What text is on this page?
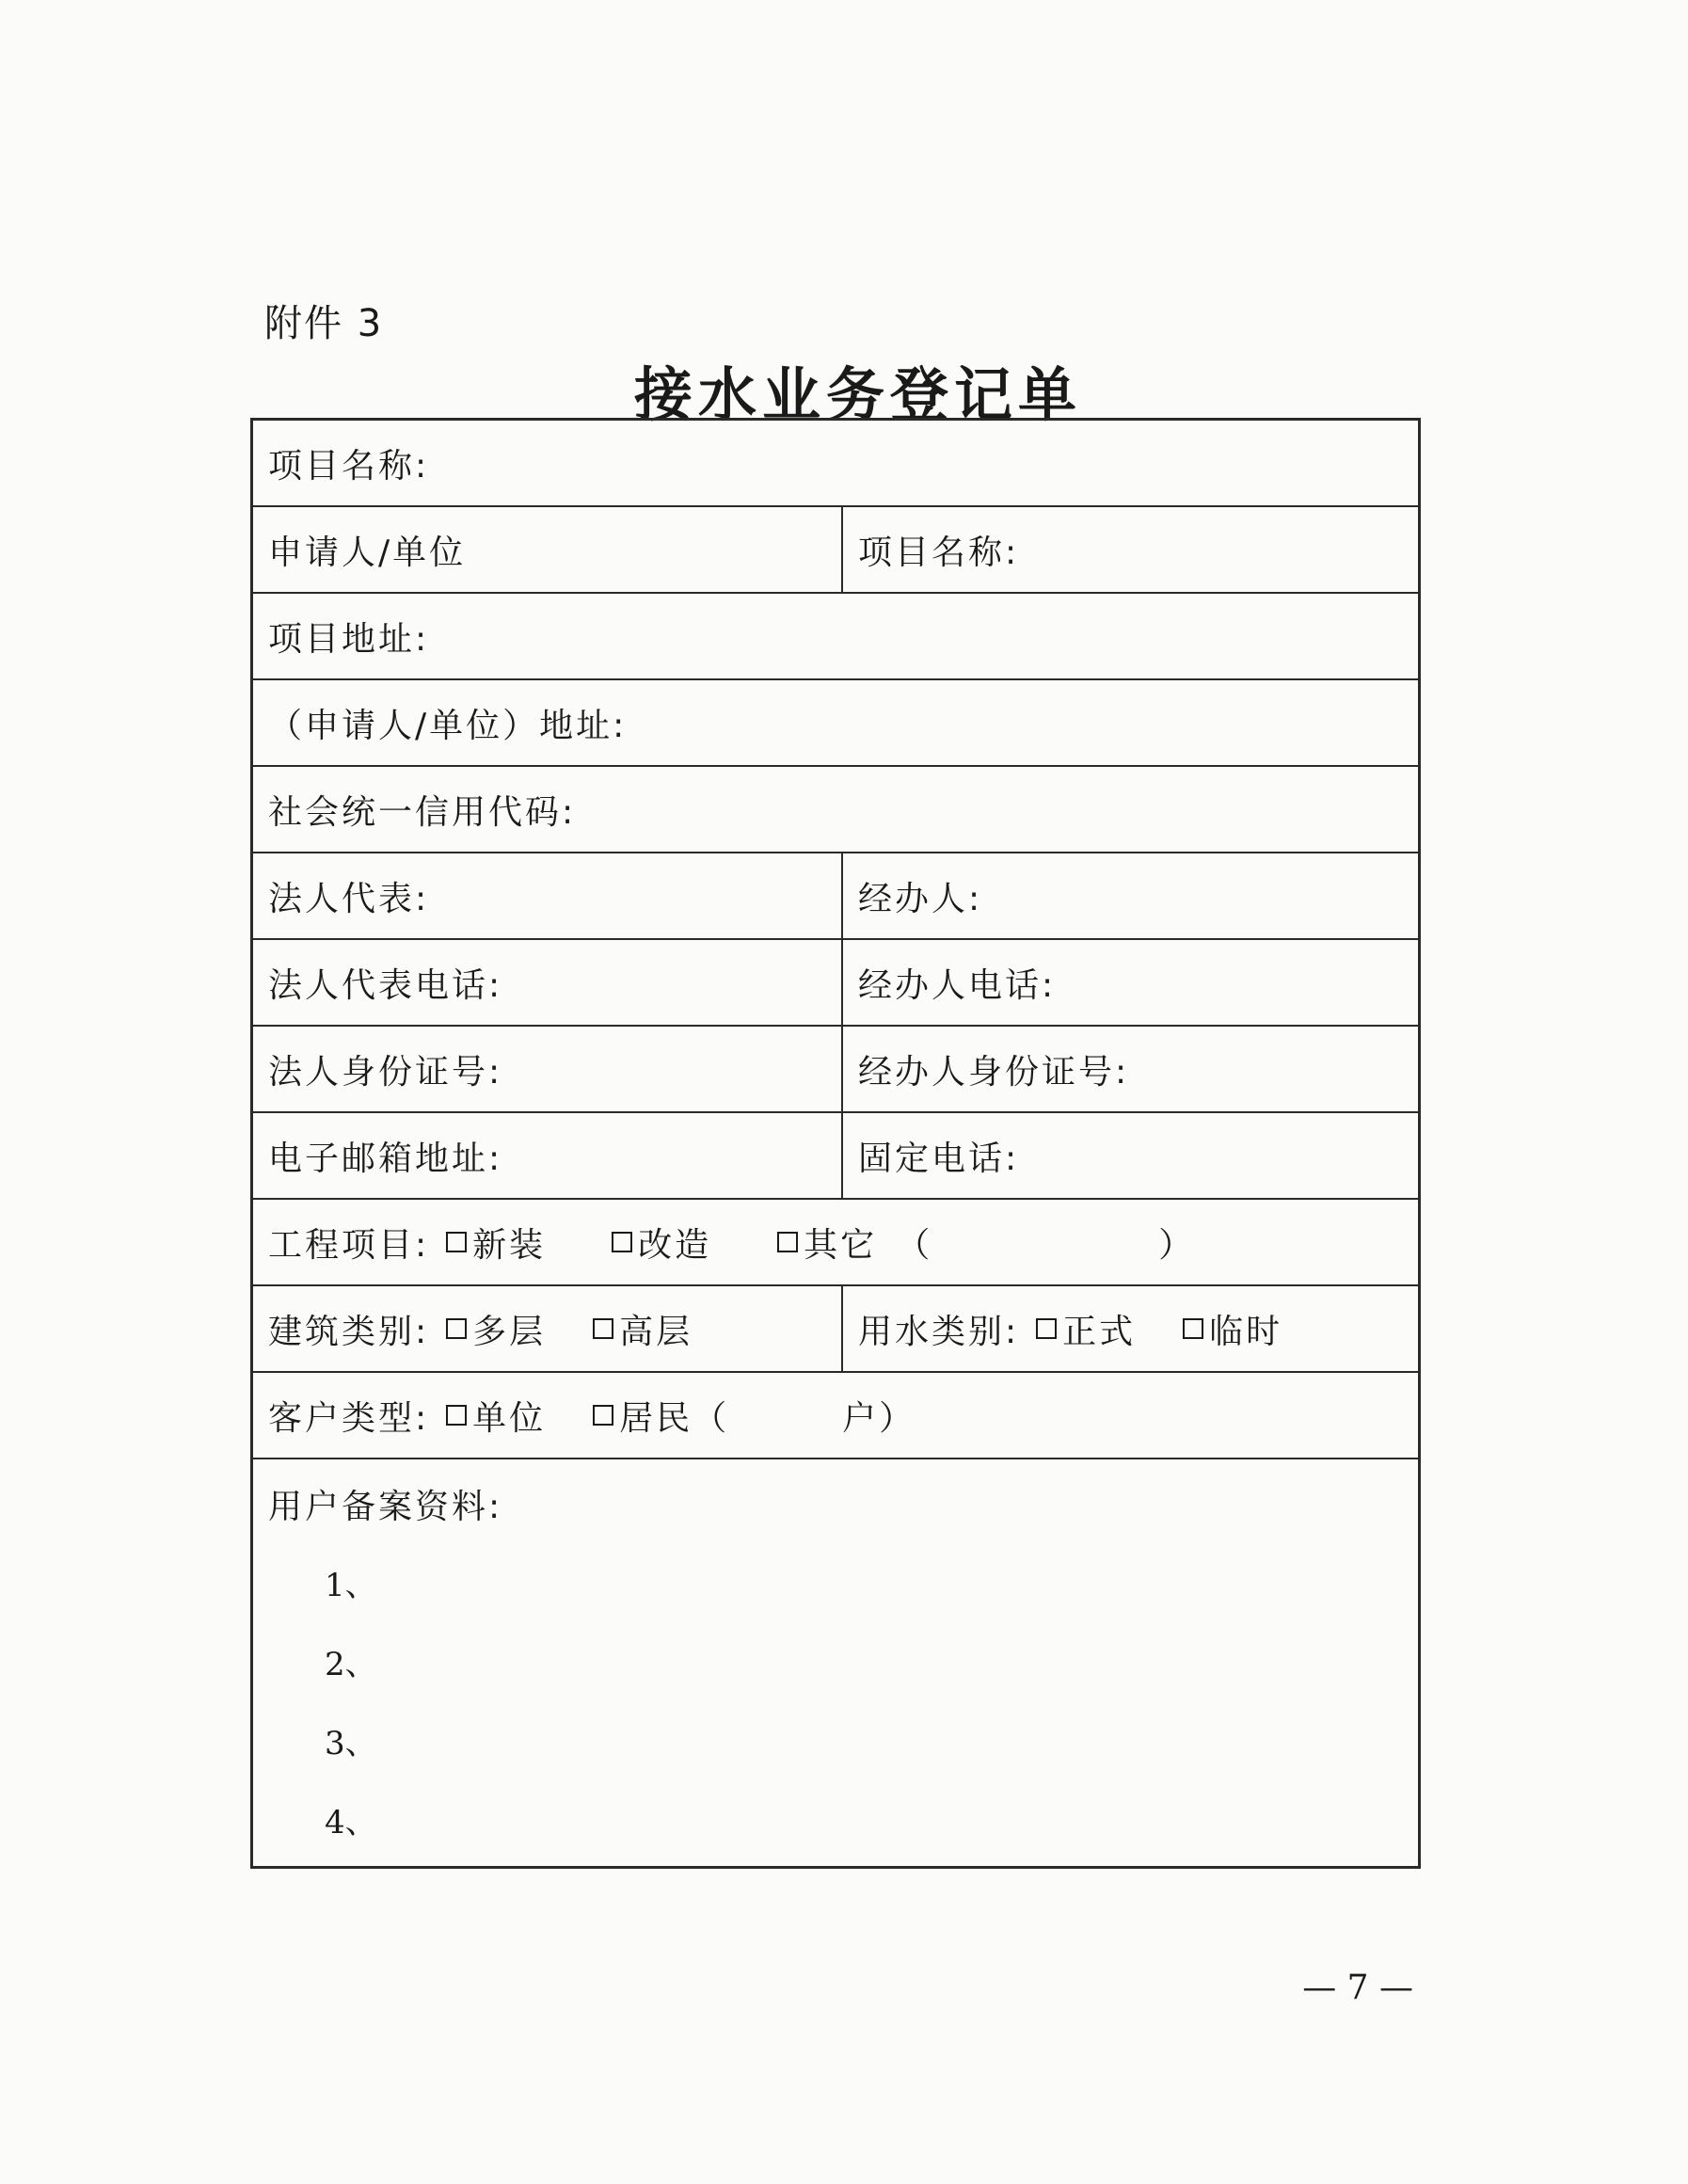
附件 3
接水业务登记单
项目名称:
申请人/单位	项目名称:
项目地址:
（申请人/单位）地址:
社会统一信用代码:
法人代表:	经办人:
法人代表电话:	经办人电话:
法人身份证号:	经办人身份证号:
电子邮箱地址:	固定电话:
工程项目: 新装	改造	其它 （	）
建筑类别: 多层 高层	用水类别: 正式 临时
客户类型: 单位 居民（	户）
用户备案资料:
1、
2、
3、
4、
— 7 —
